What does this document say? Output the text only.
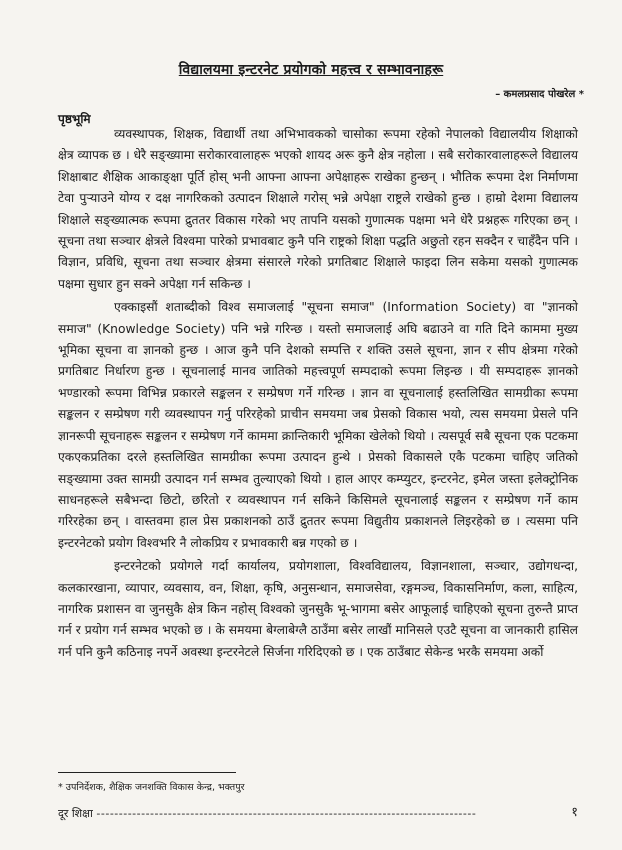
विद्यालयमा इन्टरनेट प्रयोगको महत्त्व र सम्भावनाहरू
– कमलप्रसाद पोखरेल *
पृष्ठभूमि

व्यवस्थापक, शिक्षक, विद्यार्थी तथा अभिभावकको चासोका रूपमा रहेको नेपालको विद्यालयीय शिक्षाको क्षेत्र व्यापक छ । धेरै सङ्ख्यामा सरोकारवालाहरू भएको शायद अरू कुनै क्षेत्र नहोला । सबै सरोकारवालाहरूले विद्यालय शिक्षाबाट शैक्षिक आकाङ्क्षा पूर्ति होस् भनी आफ्ना आफ्ना अपेक्षाहरू राखेका हुन्छन् । भौतिक रूपमा देश निर्माणमा टेवा पुऱ्याउने योग्य र दक्ष नागरिकको उत्पादन शिक्षाले गरोस् भन्ने अपेक्षा राष्ट्रले राखेको हुन्छ । हाम्रो देशमा विद्यालय शिक्षाले सङ्ख्यात्मक रूपमा द्रुततर विकास गरेको भए तापनि यसको गुणात्मक पक्षमा भने धेरै प्रश्नहरू गरिएका छन् । सूचना तथा सञ्चार क्षेत्रले विश्वमा पारेको प्रभावबाट कुनै पनि राष्ट्रको शिक्षा पद्धति अछुतो रहन सक्दैन र चाहँदैन पनि । विज्ञान, प्रविधि, सूचना तथा सञ्चार क्षेत्रमा संसारले गरेको प्रगतिबाट शिक्षाले फाइदा लिन सकेमा यसको गुणात्मक पक्षमा सुधार हुन सक्ने अपेक्षा गर्न सकिन्छ ।

एक्काइसौं शताब्दीको विश्व समाजलाई "सूचना समाज" (Information Society) वा "ज्ञानको समाज" (Knowledge Society) पनि भन्ने गरिन्छ । यस्तो समाजलाई अघि बढाउने वा गति दिने काममा मुख्य भूमिका सूचना वा ज्ञानको हुन्छ । आज कुनै पनि देशको सम्पत्ति र शक्ति उसले सूचना, ज्ञान र सीप क्षेत्रमा गरेको प्रगतिबाट निर्धारण हुन्छ । सूचनालाई मानव जातिको महत्त्वपूर्ण सम्पदाको रूपमा लिइन्छ । यी सम्पदाहरू ज्ञानको भण्डारको रूपमा विभिन्न प्रकारले सङ्कलन र सम्प्रेषण गर्ने गरिन्छ । ज्ञान वा सूचनालाई हस्तलिखित सामग्रीका रूपमा सङ्कलन र सम्प्रेषण गरी व्यवस्थापन गर्नु परिरहेको प्राचीन समयमा जब प्रेसको विकास भयो, त्यस समयमा प्रेसले पनि ज्ञानरूपी सूचनाहरू सङ्कलन र सम्प्रेषण गर्ने काममा क्रान्तिकारी भूमिका खेलेको थियो । त्यसपूर्व सबै सूचना एक पटकमा एकएकप्रतिका दरले हस्तलिखित सामग्रीका रूपमा उत्पादन हुन्थे । प्रेसको विकासले एकै पटकमा चाहिए जतिको सङ्ख्यामा उक्त सामग्री उत्पादन गर्न सम्भव तुल्याएको थियो । हाल आएर कम्प्युटर, इन्टरनेट, इमेल जस्ता इलेक्ट्रोनिक साधनहरूले सबैभन्दा छिटो, छरितो र व्यवस्थापन गर्न सकिने किसिमले सूचनालाई सङ्कलन र सम्प्रेषण गर्ने काम गरिरहेका छन् । वास्तवमा हाल प्रेस प्रकाशनको ठाउँ द्रुततर रूपमा विद्युतीय प्रकाशनले लिइरहेको छ । त्यसमा पनि इन्टरनेटको प्रयोग विश्वभरि नै लोकप्रिय र प्रभावकारी बन्न गएको छ ।

इन्टरनेटको प्रयोगले गर्दा कार्यालय, प्रयोगशाला, विश्वविद्यालय, विज्ञानशाला, सञ्चार, उद्योगधन्दा, कलकारखाना, व्यापार, व्यवसाय, वन, शिक्षा, कृषि, अनुसन्धान, समाजसेवा, रङ्गमञ्च, विकासनिर्माण, कला, साहित्य, नागरिक प्रशासन वा जुनसुकै क्षेत्र किन नहोस् विश्वको जुनसुकै भू-भागमा बसेर आफूलाई चाहिएको सूचना तुरुन्तै प्राप्त गर्न र प्रयोग गर्न सम्भव भएको छ । के समयमा बेग्लाबेग्लै ठाउँमा बसेर लाखौं मानिसले एउटै सूचना वा जानकारी हासिल गर्न पनि कुनै कठिनाइ नपर्ने अवस्था इन्टरनेटले सिर्जना गरिदिएको छ । एक ठाउँबाट सेकेन्ड भरकै समयमा अर्को

* उपनिर्देशक, शैक्षिक जनशक्ति विकास केन्द्र, भक्तपुर
दूर शिक्षा -------------------------------------------------------------------------------------	१
